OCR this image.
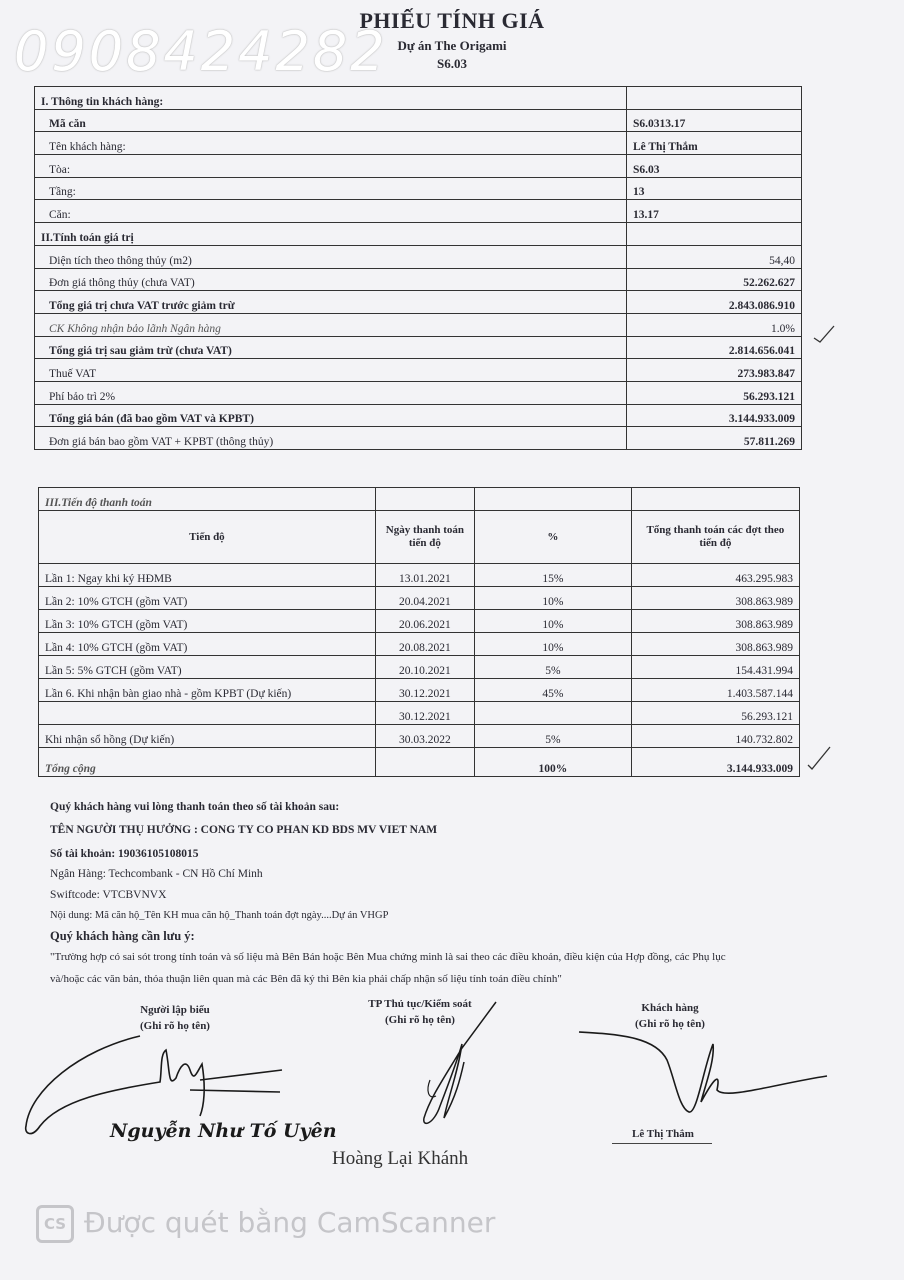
PHIẾU TÍNH GIÁ
Dự án The Origami
S6.03
0908424282
I. Thông tin khách hàng:	
Mã căn	S6.0313.17
Tên khách hàng:	Lê Thị Thắm
Tòa:	S6.03
Tầng:	13
Căn:	13.17
II.Tính toán giá trị	
Diện tích theo thông thủy (m2)	54,40
Đơn giá thông thủy (chưa VAT)	52.262.627
Tổng giá trị chưa VAT trước giảm trừ	2.843.086.910
CK Không nhận bảo lãnh Ngân hàng	1.0%
Tổng giá trị sau giảm trừ (chưa VAT)	2.814.656.041
Thuế VAT	273.983.847
Phí bảo trì 2%	56.293.121
Tổng giá bán (đã bao gồm VAT và KPBT)	3.144.933.009
Đơn giá bán bao gồm VAT + KPBT (thông thủy)	57.811.269
III.Tiến độ thanh toán			
Tiến độ	Ngày thanh toán tiến độ	%	Tổng thanh toán các đợt theo tiến độ
Lần 1: Ngay khi ký HĐMB	13.01.2021	15%	463.295.983
Lần 2: 10% GTCH (gồm VAT)	20.04.2021	10%	308.863.989
Lần 3: 10% GTCH (gồm VAT)	20.06.2021	10%	308.863.989
Lần 4: 10% GTCH (gồm VAT)	20.08.2021	10%	308.863.989
Lần 5: 5% GTCH (gồm VAT)	20.10.2021	5%	154.431.994
Lần 6. Khi nhận bàn giao nhà - gồm KPBT (Dự kiến)	30.12.2021	45%	1.403.587.144
	30.12.2021		56.293.121
Khi nhận sổ hồng (Dự kiến)	30.03.2022	5%	140.732.802
Tổng cộng		100%	3.144.933.009
Quý khách hàng vui lòng thanh toán theo số tài khoản sau:
TÊN NGƯỜI THỤ HƯỞNG : CONG TY CO PHAN KD BDS MV VIET NAM
Số tài khoản: 19036105108015
Ngân Hàng: Techcombank - CN Hồ Chí Minh
Swiftcode: VTCBVNVX
Nội dung: Mã căn hộ_Tên KH mua căn hộ_Thanh toán đợt ngày....Dự án VHGP
Quý khách hàng cần lưu ý:
"Trường hợp có sai sót trong tính toán và số liệu mà Bên Bán hoặc Bên Mua chứng minh là sai theo các điều khoản, điều kiện của Hợp đồng, các Phụ lục
và/hoặc các văn bản, thỏa thuận liên quan mà các Bên đã ký thì Bên kia phải chấp nhận số liệu tính toán điều chỉnh"
Người lập biểu
(Ghi rõ họ tên)
TP Thủ tục/Kiểm soát
(Ghi rõ họ tên)
Khách hàng
(Ghi rõ họ tên)
Nguyễn Như Tố Uyên
Hoàng Lại Khánh
Lê Thị Thắm
CS Được quét bằng CamScanner
